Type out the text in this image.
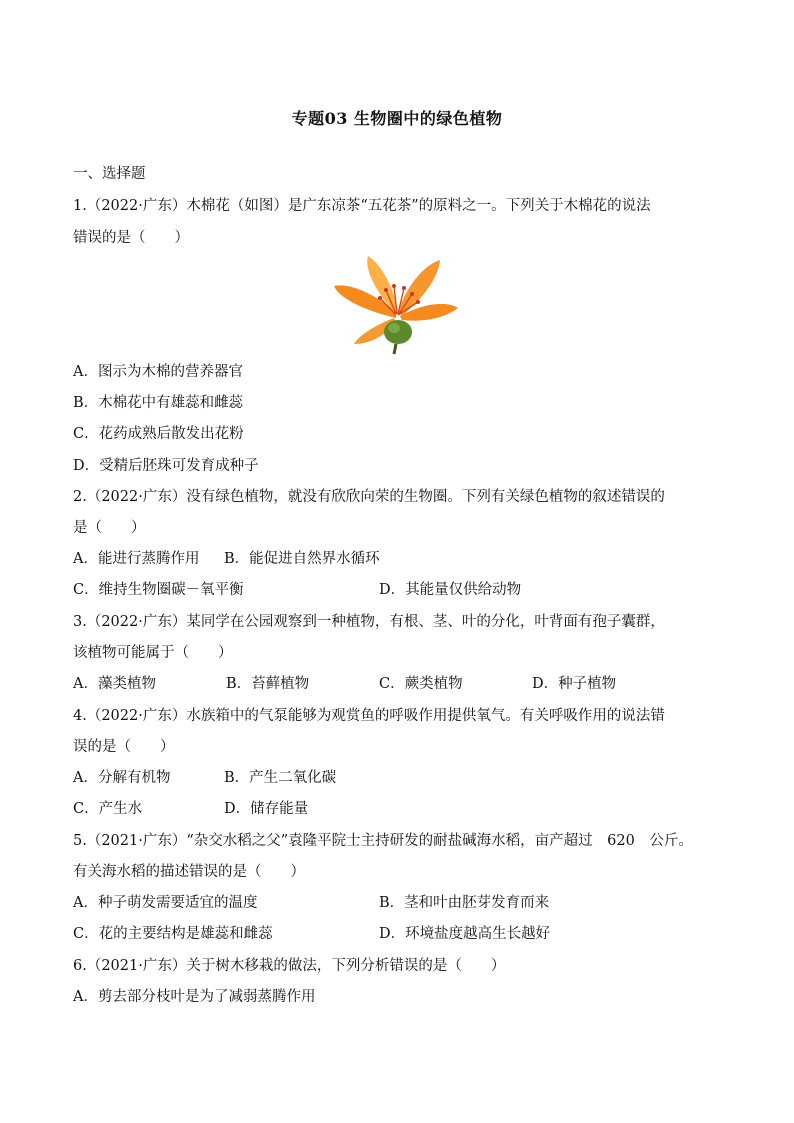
专题03 生物圈中的绿色植物
一、选择题
1.（2022·广东）木棉花（如图）是广东凉茶“五花茶”的原料之一。下列关于木棉花的说法
错误的是（　　）
A．图示为木棉的营养器官
B．木棉花中有雄蕊和雌蕊
C．花药成熟后散发出花粉
D．受精后胚珠可发育成种子
2.（2022·广东）没有绿色植物，就没有欣欣向荣的生物圈。下列有关绿色植物的叙述错误的
是（　　）
A．能进行蒸腾作用 B．能促进自然界水循环
C．维持生物圈碳－氧平衡	D．其能量仅供给动物
3.（2022·广东）某同学在公园观察到一种植物，有根、茎、叶的分化，叶背面有孢子囊群，
该植物可能属于（　　）
A．藻类植物	B．苔藓植物	C．蕨类植物	D．种子植物
4.（2022·广东）水族箱中的气泵能够为观赏鱼的呼吸作用提供氧气。有关呼吸作用的说法错
误的是（　　）
A．分解有机物	B．产生二氧化碳
C．产生水	D．储存能量
5.（2021·广东）“杂交水稻之父”袁隆平院士主持研发的耐盐碱海水稻，亩产超过　620　公斤。
有关海水稻的描述错误的是（　　）
A．种子萌发需要适宜的温度	B．茎和叶由胚芽发育而来
C．花的主要结构是雄蕊和雌蕊	D．环境盐度越高生长越好
6.（2021·广东）关于树木移栽的做法，下列分析错误的是（　　）
A．剪去部分枝叶是为了减弱蒸腾作用
